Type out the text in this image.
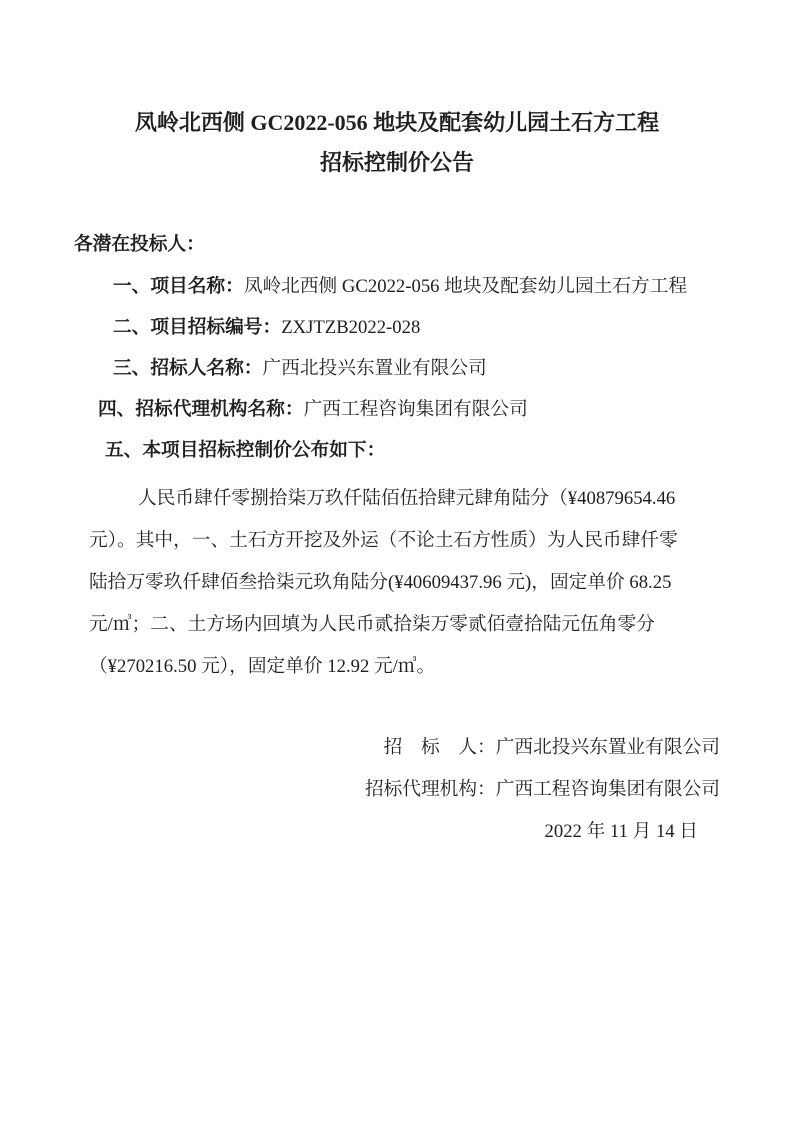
凤岭北西侧 GC2022-056 地块及配套幼儿园土石方工程
招标控制价公告
各潜在投标人：
一、项目名称：凤岭北西侧 GC2022-056 地块及配套幼儿园土石方工程
二、项目招标编号：ZXJTZB2022-028
三、招标人名称：广西北投兴东置业有限公司
四、招标代理机构名称：广西工程咨询集团有限公司
五、本项目招标控制价公布如下：
人民币肆仟零捌拾柒万玖仟陆佰伍拾肆元肆角陆分（¥40879654.46
元）。其中，一、土石方开挖及外运（不论土石方性质）为人民币肆仟零
陆拾万零玖仟肆佰叁拾柒元玖角陆分(¥40609437.96 元)，固定单价 68.25
元/㎥；二、土方场内回填为人民币贰拾柒万零贰佰壹拾陆元伍角零分
（¥270216.50 元），固定单价 12.92 元/㎥。
招　标　人：广西北投兴东置业有限公司
招标代理机构：广西工程咨询集团有限公司
2022 年 11 月 14 日
